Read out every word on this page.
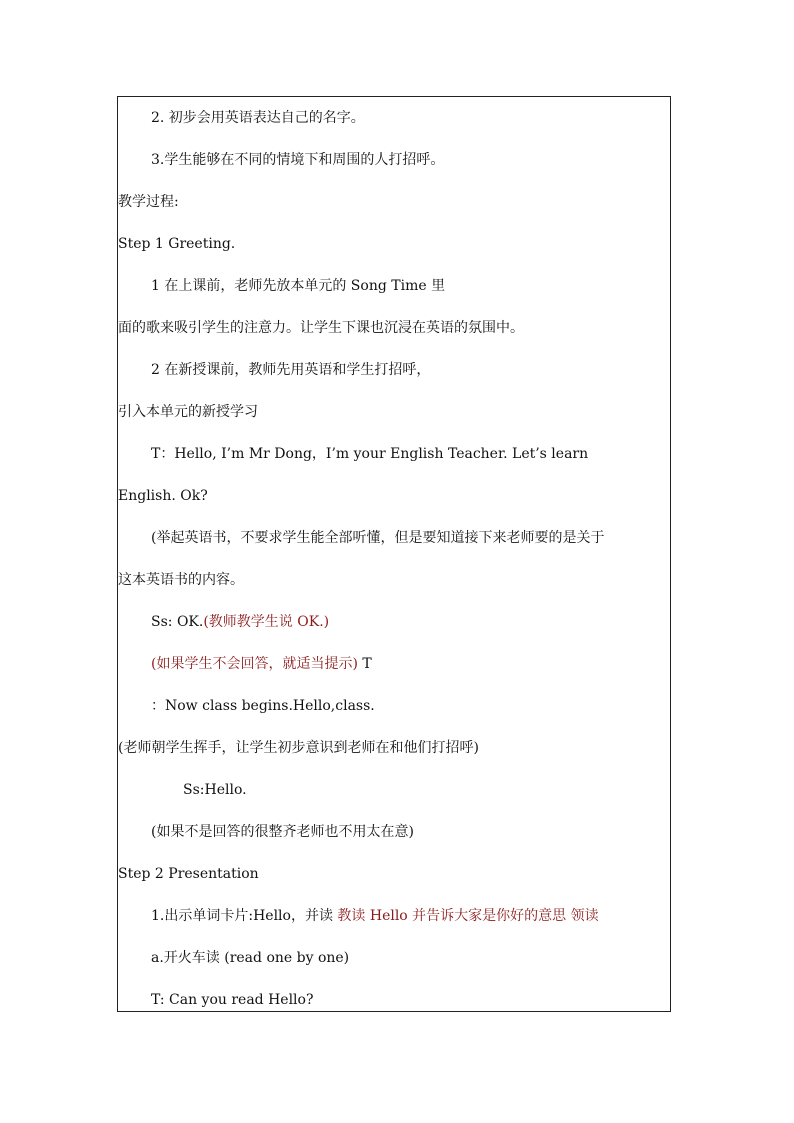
2. 初步会用英语表达自己的名字。
3.学生能够在不同的情境下和周围的人打招呼。
教学过程:
Step 1 Greeting.
1 在上课前，老师先放本单元的 Song Time 里
面的歌来吸引学生的注意力。让学生下课也沉浸在英语的氛围中。
2 在新授课前，教师先用英语和学生打招呼，
引入本单元的新授学习
T：Hello, I’m Mr Dong，I’m your English Teacher. Let’s learn
English. Ok?
(举起英语书，不要求学生能全部听懂，但是要知道接下来老师要的是关于
这本英语书的内容。
Ss: OK.(教师教学生说 OK.)
(如果学生不会回答，就适当提示) T
：Now class begins.Hello,class.
(老师朝学生挥手，让学生初步意识到老师在和他们打招呼)
Ss:Hello.
(如果不是回答的很整齐老师也不用太在意)
Step 2 Presentation
1.出示单词卡片:Hello，并读 教读 Hello 并告诉大家是你好的意思 领读
a.开火车读 (read one by one)
T: Can you read Hello?
